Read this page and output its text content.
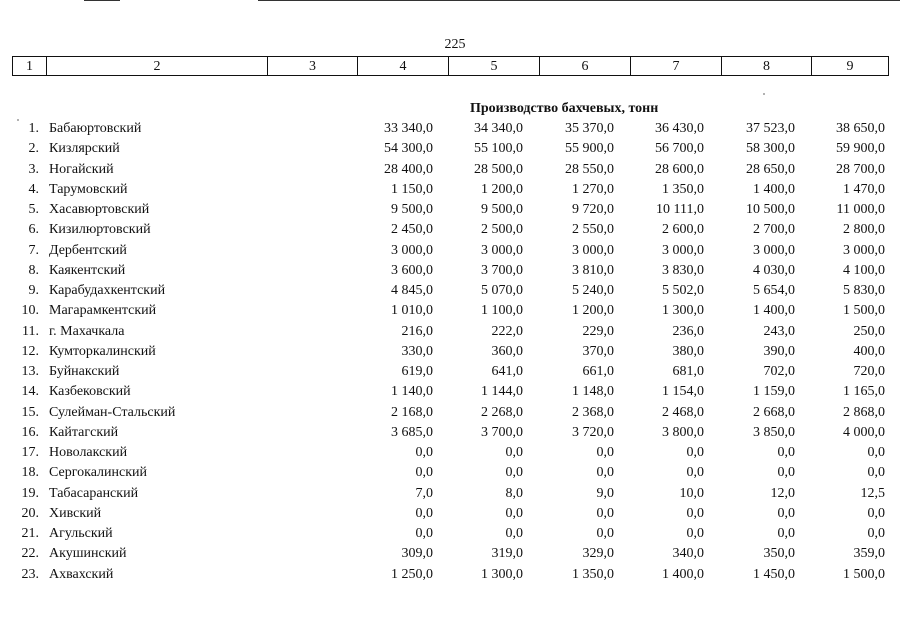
225
1	2	3	4	5	6	7	8	9
Производство бахчевых, тонн
1. Бабаюртовский	33 340,0	34 340,0	35 370,0	36 430,0	37 523,0	38 650,0
2. Кизлярский	54 300,0	55 100,0	55 900,0	56 700,0	58 300,0	59 900,0
3. Ногайский	28 400,0	28 500,0	28 550,0	28 600,0	28 650,0	28 700,0
4. Тарумовский	1 150,0	1 200,0	1 270,0	1 350,0	1 400,0	1 470,0
5. Хасавюртовский	9 500,0	9 500,0	9 720,0	10 111,0	10 500,0	11 000,0
6. Кизилюртовский	2 450,0	2 500,0	2 550,0	2 600,0	2 700,0	2 800,0
7. Дербентский	3 000,0	3 000,0	3 000,0	3 000,0	3 000,0	3 000,0
8. Каякентский	3 600,0	3 700,0	3 810,0	3 830,0	4 030,0	4 100,0
9. Карабудахкентский	4 845,0	5 070,0	5 240,0	5 502,0	5 654,0	5 830,0
10. Магарамкентский	1 010,0	1 100,0	1 200,0	1 300,0	1 400,0	1 500,0
11. г. Махачкала	216,0	222,0	229,0	236,0	243,0	250,0
12. Кумторкалинский	330,0	360,0	370,0	380,0	390,0	400,0
13. Буйнакский	619,0	641,0	661,0	681,0	702,0	720,0
14. Казбековский	1 140,0	1 144,0	1 148,0	1 154,0	1 159,0	1 165,0
15. Сулейман-Стальский	2 168,0	2 268,0	2 368,0	2 468,0	2 668,0	2 868,0
16. Кайтагский	3 685,0	3 700,0	3 720,0	3 800,0	3 850,0	4 000,0
17. Новолакский	0,0	0,0	0,0	0,0	0,0	0,0
18. Сергокалинский	0,0	0,0	0,0	0,0	0,0	0,0
19. Табасаранский	7,0	8,0	9,0	10,0	12,0	12,5
20. Хивский	0,0	0,0	0,0	0,0	0,0	0,0
21. Агульский	0,0	0,0	0,0	0,0	0,0	0,0
22. Акушинский	309,0	319,0	329,0	340,0	350,0	359,0
23. Ахвахский	1 250,0	1 300,0	1 350,0	1 400,0	1 450,0	1 500,0
